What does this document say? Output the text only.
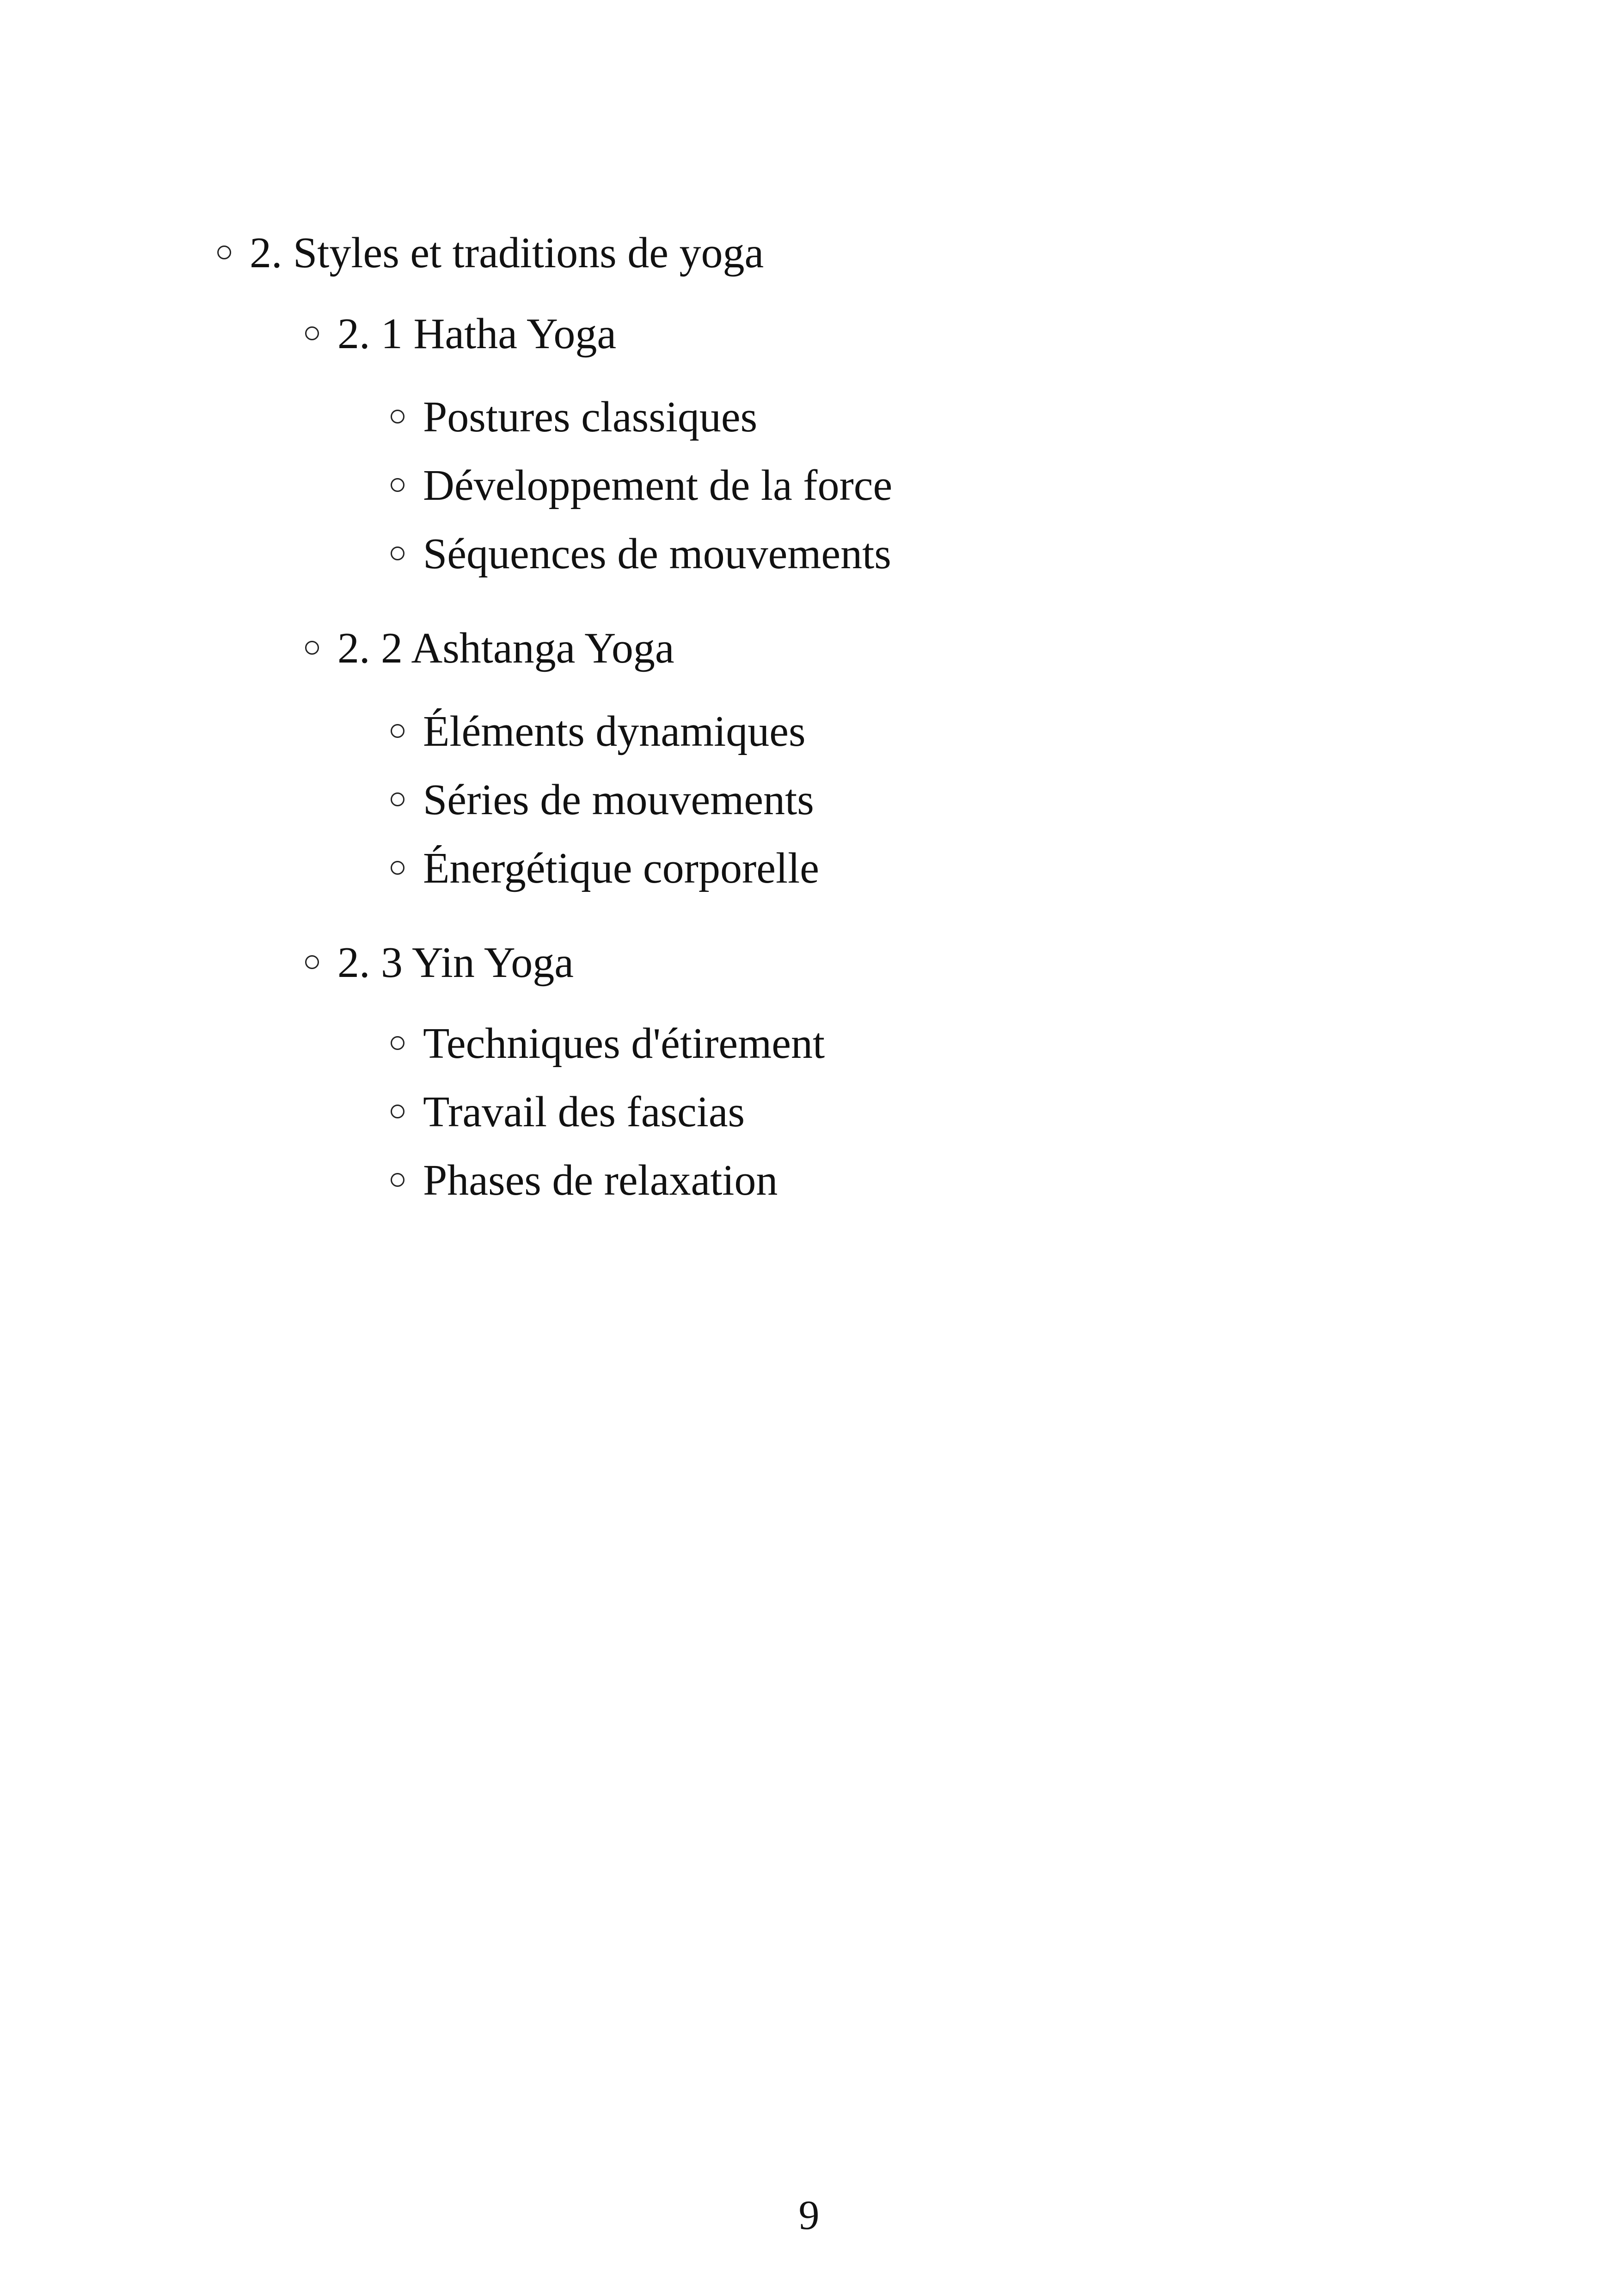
2. Styles et traditions de yoga
2. 1 Hatha Yoga
Postures classiques
Développement de la force
Séquences de mouvements
2. 2 Ashtanga Yoga
Éléments dynamiques
Séries de mouvements
Énergétique corporelle
2. 3 Yin Yoga
Techniques d'étirement
Travail des fascias
Phases de relaxation
9
